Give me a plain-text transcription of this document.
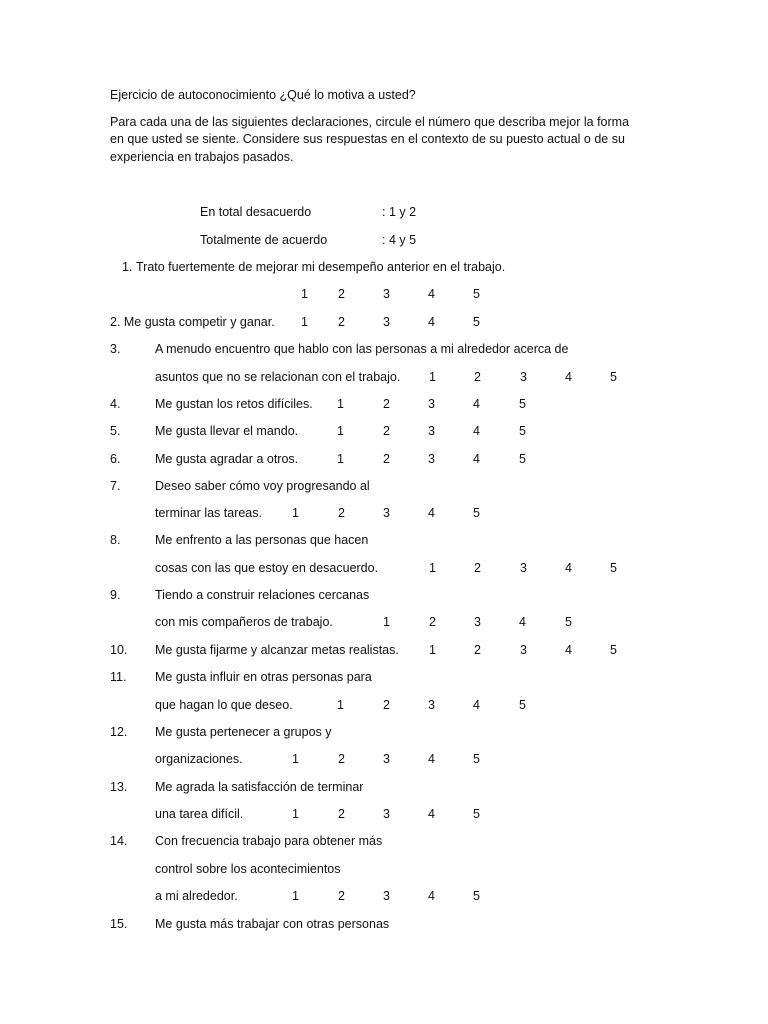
Ejercicio de autoconocimiento ¿Qué lo motiva a usted?
Para cada una de las siguientes declaraciones, circule el número que describa mejor la forma
en que usted se siente. Considere sus respuestas en el contexto de su puesto actual o de su
experiencia en trabajos pasados.
En total desacuerdo	: 1 y 2
Totalmente de acuerdo	: 4 y 5
1. Trato fuertemente de mejorar mi desempeño anterior en el trabajo.
1 2	3	4	5
2. Me gusta competir y ganar. 1 2	3	4	5
3.	A menudo encuentro que hablo con las personas a mi alrededor acerca de
asuntos que no se relacionan con el trabajo. 1	2	3	4	5
4.	Me gustan los retos difíciles. 1	2	3	4	5
5.	Me gusta llevar el mando.	1	2	3	4	5
6.	Me gusta agradar a otros.	1	2	3	4	5
7.	Deseo saber cómo voy progresando al
terminar las tareas. 1	2	3	4	5
8.	Me enfrento a las personas que hacen
cosas con las que estoy en desacuerdo.	1	2	3	4	5
9.	Tiendo a construir relaciones cercanas
con mis compañeros de trabajo.	1	2	3	4	5
10. Me gusta fijarme y alcanzar metas realistas. 1	2	3	4	5
11. Me gusta influir en otras personas para
que hagan lo que deseo.	1	2	3	4	5
12. Me gusta pertenecer a grupos y
organizaciones.	1	2	3	4	5
13. Me agrada la satisfacción de terminar
una tarea difícil.	1	2	3	4	5
14. Con frecuencia trabajo para obtener más
control sobre los acontecimientos
a mi alrededor.	1	2	3	4	5
15. Me gusta más trabajar con otras personas
